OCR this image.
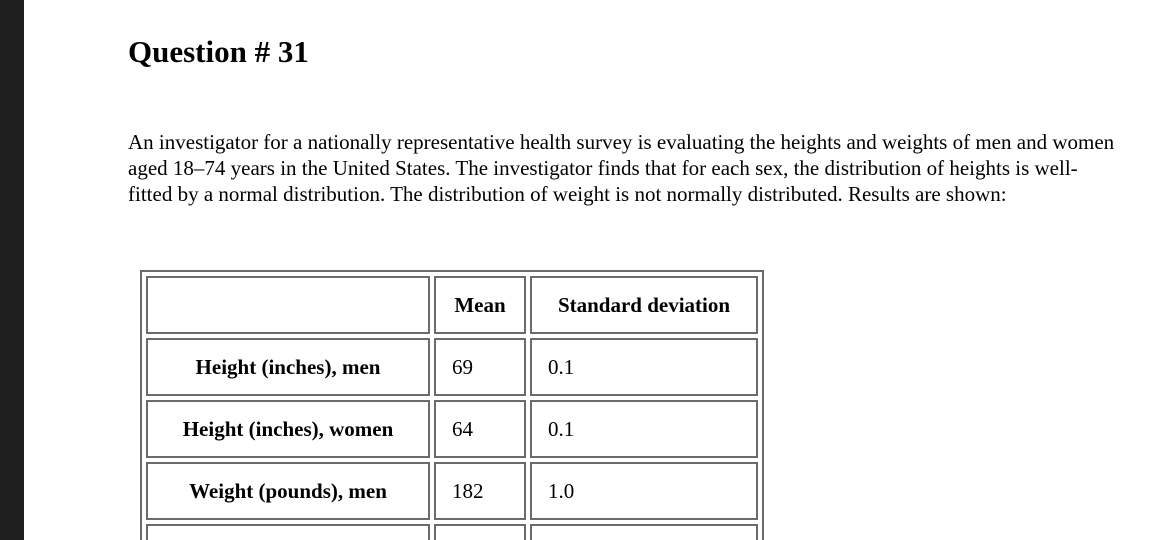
Question # 31

An investigator for a nationally representative health survey is evaluating the heights and weights of men and women aged 18–74 years in the United States. The investigator finds that for each sex, the distribution of heights is well-fitted by a normal distribution. The distribution of weight is not normally distributed. Results are shown:

	Mean	Standard deviation
Height (inches), men	69	0.1
Height (inches), women	64	0.1
Weight (pounds), men	182	1.0
